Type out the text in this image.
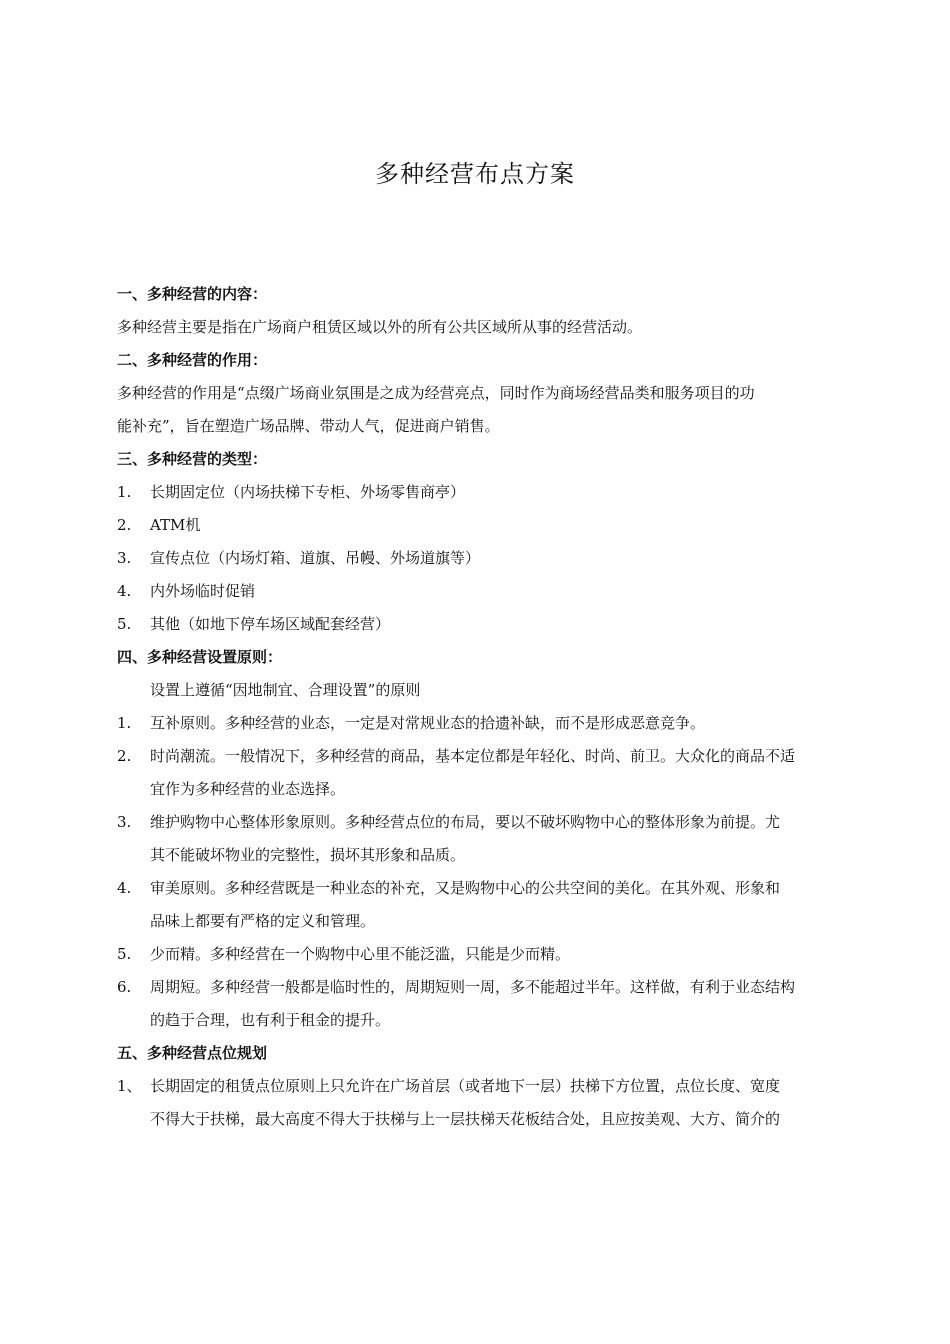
多种经营布点方案
一、多种经营的内容：
多种经营主要是指在广场商户租赁区域以外的所有公共区域所从事的经营活动。
二、多种经营的作用：
多种经营的作用是“点缀广场商业氛围是之成为经营亮点，同时作为商场经营品类和服务项目的功
能补充”，旨在塑造广场品牌、带动人气，促进商户销售。
三、多种经营的类型：
1.	长期固定位（内场扶梯下专柜、外场零售商亭）
2.	ATM机
3.	宣传点位（内场灯箱、道旗、吊幔、外场道旗等）
4.	内外场临时促销
5.	其他（如地下停车场区域配套经营）
四、多种经营设置原则：
设置上遵循“因地制宜、合理设置”的原则
1.	互补原则。多种经营的业态，一定是对常规业态的拾遗补缺，而不是形成恶意竞争。
2.	时尚潮流。一般情况下，多种经营的商品，基本定位都是年轻化、时尚、前卫。大众化的商品不适
宜作为多种经营的业态选择。
3.	维护购物中心整体形象原则。多种经营点位的布局，要以不破坏购物中心的整体形象为前提。尤
其不能破坏物业的完整性，损坏其形象和品质。
4.	审美原则。多种经营既是一种业态的补充，又是购物中心的公共空间的美化。在其外观、形象和
品味上都要有严格的定义和管理。
5.	少而精。多种经营在一个购物中心里不能泛滥，只能是少而精。
6.	周期短。多种经营一般都是临时性的，周期短则一周，多不能超过半年。这样做，有利于业态结构
的趋于合理，也有利于租金的提升。
五、多种经营点位规划
1、 长期固定的租赁点位原则上只允许在广场首层（或者地下一层）扶梯下方位置，点位长度、宽度
不得大于扶梯，最大高度不得大于扶梯与上一层扶梯天花板结合处，且应按美观、大方、简介的
